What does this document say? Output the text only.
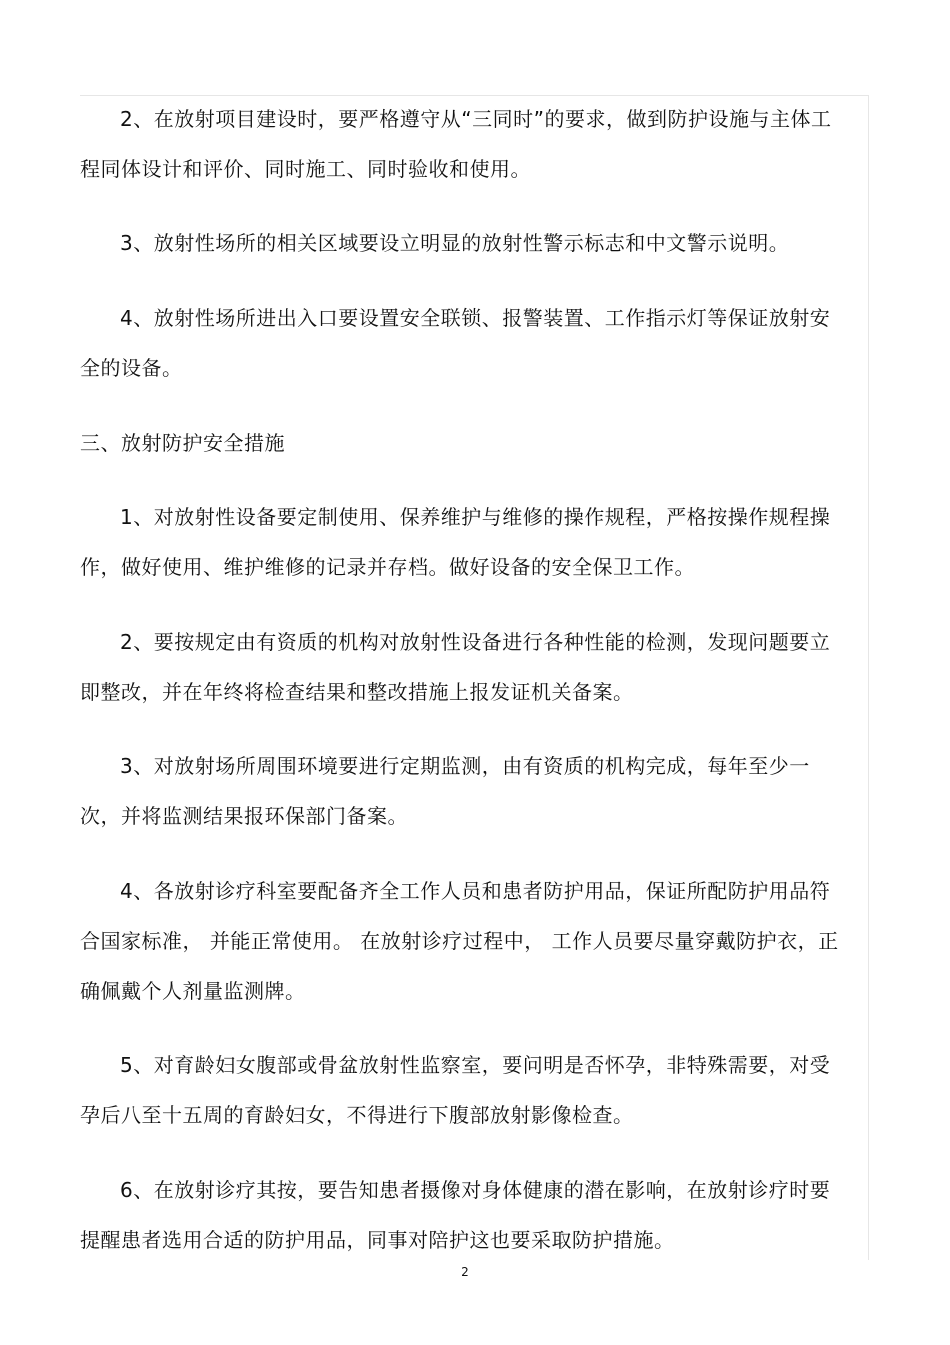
2、在放射项目建设时，要严格遵守从“三同时”的要求，做到防护设施与主体工程同体设计和评价、同时施工、同时验收和使用。

3、放射性场所的相关区域要设立明显的放射性警示标志和中文警示说明。

4、放射性场所进出入口要设置安全联锁、报警装置、工作指示灯等保证放射安全的设备。

三、放射防护安全措施

1、对放射性设备要定制使用、保养维护与维修的操作规程，严格按操作规程操作，做好使用、维护维修的记录并存档。做好设备的安全保卫工作。

2、要按规定由有资质的机构对放射性设备进行各种性能的检测，发现问题要立即整改，并在年终将检查结果和整改措施上报发证机关备案。

3、对放射场所周围环境要进行定期监测，由有资质的机构完成，每年至少一次，并将监测结果报环保部门备案。

4、各放射诊疗科室要配备齐全工作人员和患者防护用品，保证所配防护用品符合国家标准， 并能正常使用。 在放射诊疗过程中， 工作人员要尽量穿戴防护衣，正确佩戴个人剂量监测牌。

5、对育龄妇女腹部或骨盆放射性监察室，要问明是否怀孕，非特殊需要，对受孕后八至十五周的育龄妇女，不得进行下腹部放射影像检查。

6、在放射诊疗其按，要告知患者摄像对身体健康的潜在影响，在放射诊疗时要提醒患者选用合适的防护用品，同事对陪护这也要采取防护措施。

2
